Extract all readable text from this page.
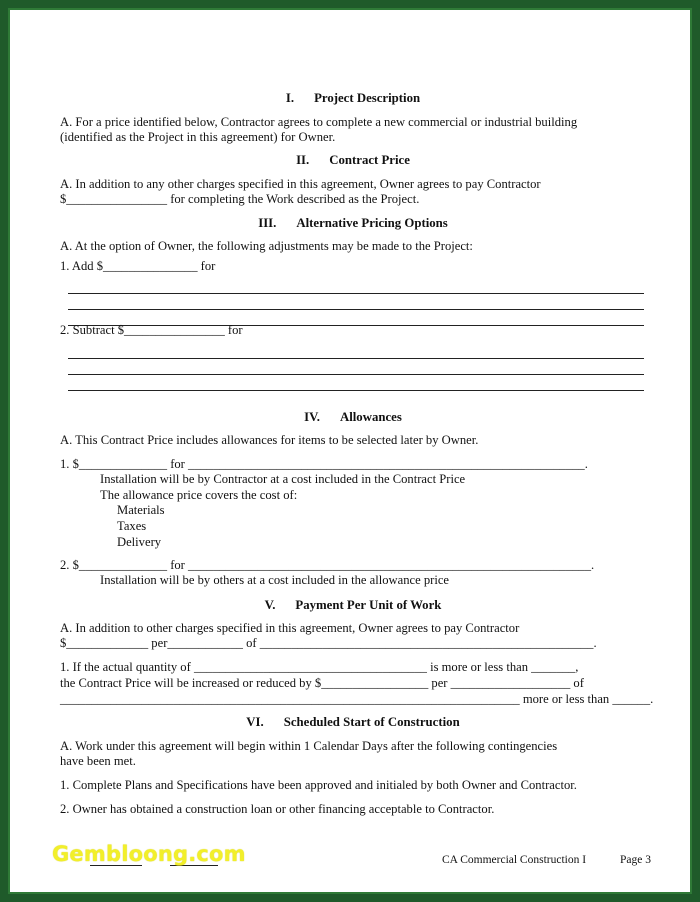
I. Project Description
A. For a price identified below, Contractor agrees to complete a new commercial or industrial building
(identified as the Project in this agreement) for Owner.
II. Contract Price
A. In addition to any other charges specified in this agreement, Owner agrees to pay Contractor
$________________ for completing the Work described as the Project.
III. Alternative Pricing Options
A. At the option of Owner, the following adjustments may be made to the Project:
1. Add $_______________ for
2. Subtract $________________ for
IV. Allowances
A. This Contract Price includes allowances for items to be selected later by Owner.
1. $______________ for _______________________________________________________________.
Installation will be by Contractor at a cost included in the Contract Price
The allowance price covers the cost of:
Materials
Taxes
Delivery
2. $______________ for ________________________________________________________________.
Installation will be by others at a cost included in the allowance price
V. Payment Per Unit of Work
A. In addition to other charges specified in this agreement, Owner agrees to pay Contractor
$_____________ per____________ of _____________________________________________________.
1. If the actual quantity of _____________________________________ is more or less than _______,
the Contract Price will be increased or reduced by $_________________ per ___________________ of
_________________________________________________________________________ more or less than ______.
VI. Scheduled Start of Construction
A. Work under this agreement will begin within 1 Calendar Days after the following contingencies
have been met.
1. Complete Plans and Specifications have been approved and initialed by both Owner and Contractor.
2. Owner has obtained a construction loan or other financing acceptable to Contractor.
Gembloong.com	CA Commercial Construction I	Page 3
